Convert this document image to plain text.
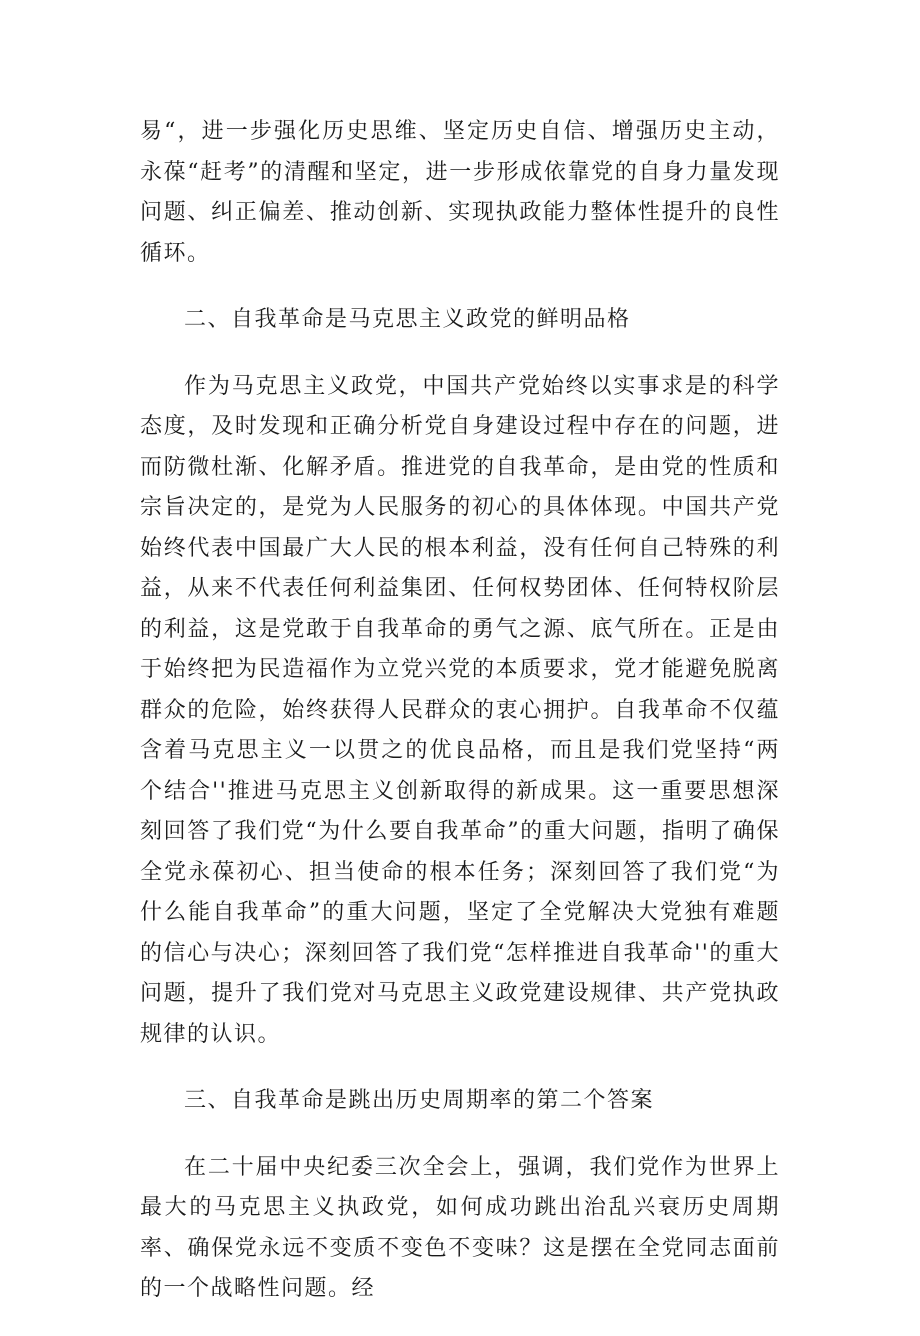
易“，进一步强化历史思维、坚定历史自信、增强历史主动，永葆“赶考”的清醒和坚定，进一步形成依靠党的自身力量发现问题、纠正偏差、推动创新、实现执政能力整体性提升的良性循环。

二、自我革命是马克思主义政党的鲜明品格

作为马克思主义政党，中国共产党始终以实事求是的科学态度，及时发现和正确分析党自身建设过程中存在的问题，进而防微杜渐、化解矛盾。推进党的自我革命，是由党的性质和宗旨决定的，是党为人民服务的初心的具体体现。中国共产党始终代表中国最广大人民的根本利益，没有任何自己特殊的利益，从来不代表任何利益集团、任何权势团体、任何特权阶层的利益，这是党敢于自我革命的勇气之源、底气所在。正是由于始终把为民造福作为立党兴党的本质要求，党才能避免脱离群众的危险，始终获得人民群众的衷心拥护。自我革命不仅蕴含着马克思主义一以贯之的优良品格，而且是我们党坚持“两个结合''推进马克思主义创新取得的新成果。这一重要思想深刻回答了我们党“为什么要自我革命”的重大问题，指明了确保全党永葆初心、担当使命的根本任务；深刻回答了我们党“为什么能自我革命”的重大问题，坚定了全党解决大党独有难题的信心与决心；深刻回答了我们党“怎样推进自我革命''的重大问题，提升了我们党对马克思主义政党建设规律、共产党执政规律的认识。

三、自我革命是跳出历史周期率的第二个答案

在二十届中央纪委三次全会上，强调，我们党作为世界上最大的马克思主义执政党，如何成功跳出治乱兴衰历史周期率、确保党永远不变质不变色不变味？这是摆在全党同志面前的一个战略性问题。经
